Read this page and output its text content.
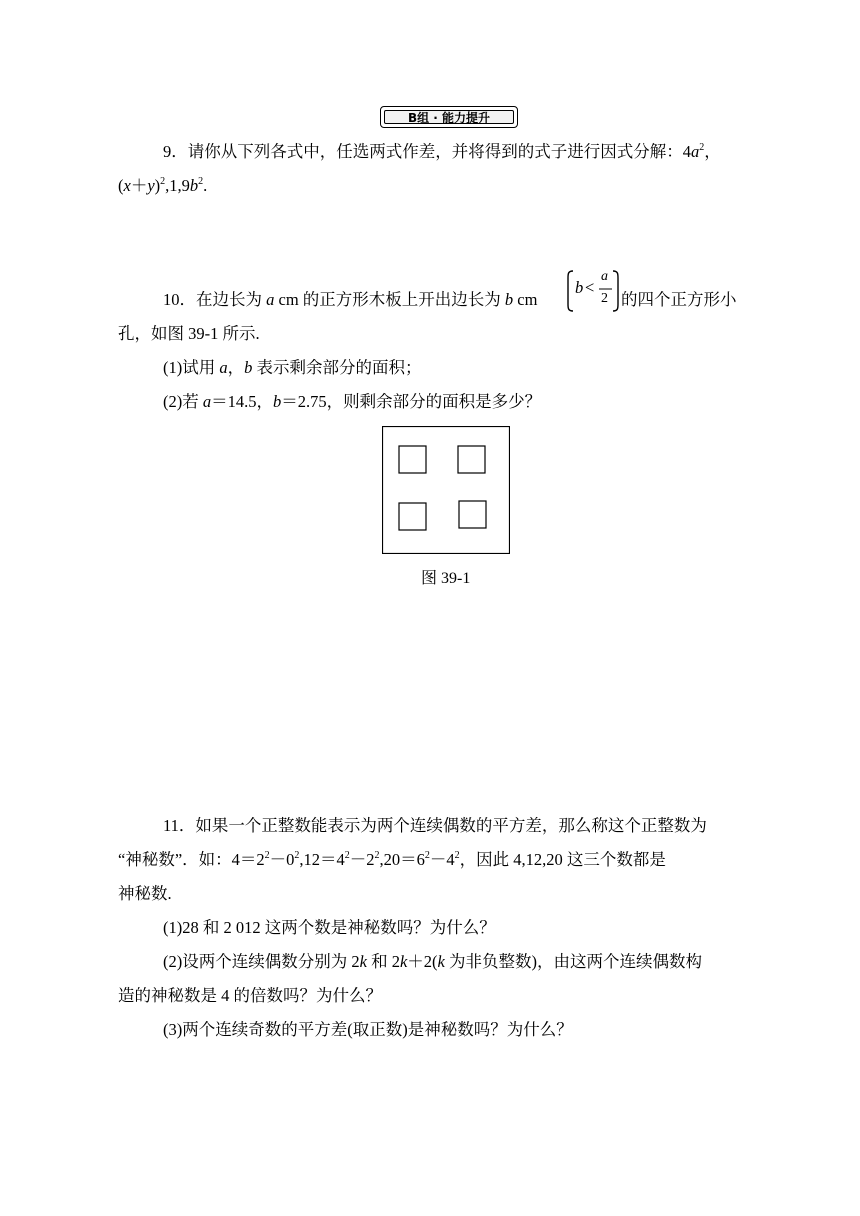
B组 · 能力提升
9．请你从下列各式中，任选两式作差，并将得到的式子进行因式分解：$4a^2$，
$(x+y)^2,1,9b^2$.
10．在边长为 a cm 的正方形木板上开出边长为 b cm
b <
a
2 的四个正方形小
孔，如图 39-1 所示.
(1)试用 a，b 表示剩余部分的面积；
(2)若 a＝14.5，b＝2.75，则剩余部分的面积是多少？
图 39-1
11．如果一个正整数能表示为两个连续偶数的平方差，那么称这个正整数为
“神秘数”．如：$4=2^2-0^2,12=4^2-2^2,20=6^2-4^2$，因此 4,12,20 这三个数都是
神秘数.
(1)28 和 2 012 这两个数是神秘数吗？为什么？
(2)设两个连续偶数分别为 2k 和 2k＋2(k 为非负整数)，由这两个连续偶数构
造的神秘数是 4 的倍数吗？为什么？
(3)两个连续奇数的平方差(取正数)是神秘数吗？为什么？
